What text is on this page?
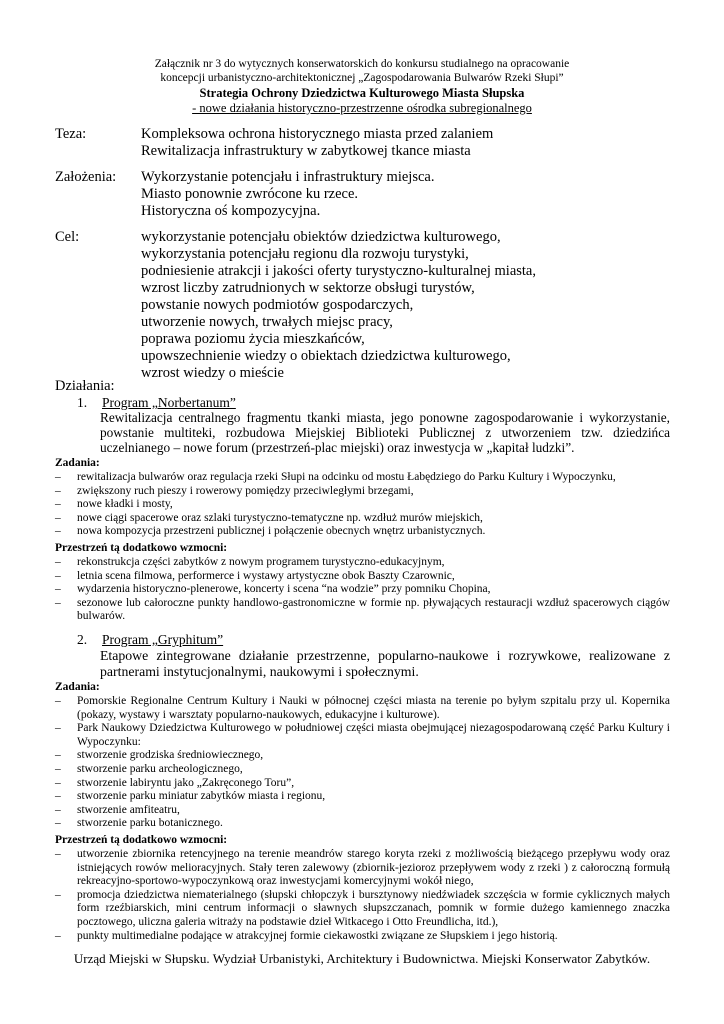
Załącznik nr 3 do wytycznych konserwatorskich do konkursu studialnego na opracowanie
koncepcji urbanistyczno-architektonicznej „Zagospodarowania Bulwarów Rzeki Słupi”
Strategia Ochrony Dziedzictwa Kulturowego Miasta Słupska
- nowe działania historyczno-przestrzenne ośrodka subregionalnego
Teza:	Kompleksowa ochrona historycznego miasta przed zalaniem
Rewitalizacja infrastruktury w zabytkowej tkance miasta
Założenia: Wykorzystanie potencjału i infrastruktury miejsca.
Miasto ponownie zwrócone ku rzece.
Historyczna oś kompozycyjna.
Cel:	wykorzystanie potencjału obiektów dziedzictwa kulturowego,
wykorzystania potencjału regionu dla rozwoju turystyki,
podniesienie atrakcji i jakości oferty turystyczno-kulturalnej miasta,
wzrost liczby zatrudnionych w sektorze obsługi turystów,
powstanie nowych podmiotów gospodarczych,
utworzenie nowych, trwałych miejsc pracy,
poprawa poziomu życia mieszkańców,
upowszechnienie wiedzy o obiektach dziedzictwa kulturowego,
wzrost wiedzy o mieście
Działania:
1. Program „Norbertanum”
Rewitalizacja centralnego fragmentu tkanki miasta, jego ponowne zagospodarowanie i wykorzystanie, powstanie multiteki, rozbudowa Miejskiej Biblioteki Publicznej z utworzeniem tzw. dziedzińca uczelnianego – nowe forum (przestrzeń-plac miejski) oraz inwestycja w „kapitał ludzki”.
Zadania:
– rewitalizacja bulwarów oraz regulacja rzeki Słupi na odcinku od mostu Łabędziego do Parku Kultury i Wypoczynku,
– zwiększony ruch pieszy i rowerowy pomiędzy przeciwległymi brzegami,
– nowe kładki i mosty,
– nowe ciągi spacerowe oraz szlaki turystyczno-tematyczne np. wzdłuż murów miejskich,
– nowa kompozycja przestrzeni publicznej i połączenie obecnych wnętrz urbanistycznych.
Przestrzeń tą dodatkowo wzmocni:
– rekonstrukcja części zabytków z nowym programem turystyczno-edukacyjnym,
– letnia scena filmowa, performerce i wystawy artystyczne obok Baszty Czarownic,
– wydarzenia historyczno-plenerowe, koncerty i scena “na wodzie” przy pomniku Chopina,
– sezonowe lub całoroczne punkty handlowo-gastronomiczne w formie np. pływających restauracji wzdłuż spacerowych ciągów bulwarów.
2. Program „Gryphitum”
Etapowe zintegrowane działanie przestrzenne, popularno-naukowe i rozrywkowe, realizowane z partnerami instytucjonalnymi, naukowymi i społecznymi.
Zadania:
– Pomorskie Regionalne Centrum Kultury i Nauki w północnej części miasta na terenie po byłym szpitalu przy ul. Kopernika (pokazy, wystawy i warsztaty popularno-naukowych, edukacyjne i kulturowe).
– Park Naukowy Dziedzictwa Kulturowego w południowej części miasta obejmującej niezagospodarowaną część Parku Kultury i Wypoczynku:
– stworzenie grodziska średniowiecznego,
– stworzenie parku archeologicznego,
– stworzenie labiryntu jako „Zakręconego Toru”,
– stworzenie parku miniatur zabytków miasta i regionu,
– stworzenie amfiteatru,
– stworzenie parku botanicznego.
Przestrzeń tą dodatkowo wzmocni:
– utworzenie zbiornika retencyjnego na terenie meandrów starego koryta rzeki z możliwością bieżącego przepływu wody oraz istniejących rowów melioracyjnych. Stały teren zalewowy (zbiornik-jezioroz przepływem wody z rzeki ) z całoroczną formułą rekreacyjno-sportowo-wypoczynkową oraz inwestycjami komercyjnymi wokół niego,
– promocja dziedzictwa niematerialnego (słupski chłopczyk i bursztynowy niedźwiadek szczęścia w formie cyklicznych małych form rzeźbiarskich, mini centrum informacji o sławnych słupszczanach, pomnik w formie dużego kamiennego znaczka pocztowego, uliczna galeria witraży na podstawie dzieł Witkacego i Otto Freundlicha, itd.),
– punkty multimedialne podające w atrakcyjnej formie ciekawostki związane ze Słupskiem i jego historią.
Urząd Miejski w Słupsku. Wydział Urbanistyki, Architektury i Budownictwa. Miejski Konserwator Zabytków.
